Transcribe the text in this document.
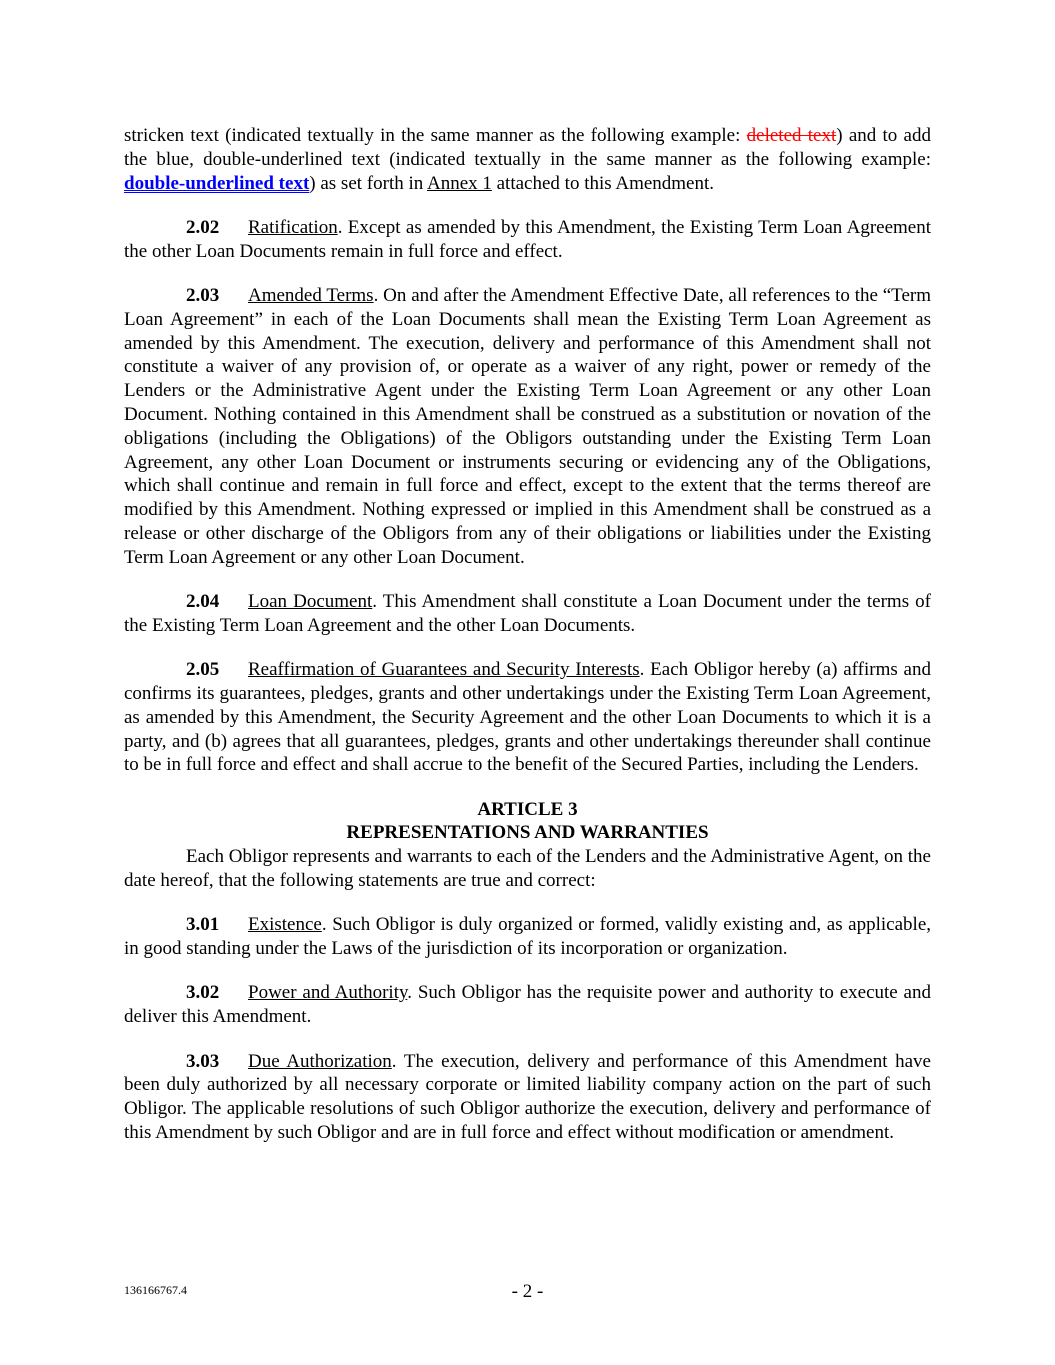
stricken text (indicated textually in the same manner as the following example: deleted text) and to add the blue, double-underlined text (indicated textually in the same manner as the following example: double-underlined text) as set forth in Annex 1 attached to this Amendment.

2.02 Ratification. Except as amended by this Amendment, the Existing Term Loan Agreement the other Loan Documents remain in full force and effect.

2.03 Amended Terms. On and after the Amendment Effective Date, all references to the “Term Loan Agreement” in each of the Loan Documents shall mean the Existing Term Loan Agreement as amended by this Amendment. The execution, delivery and performance of this Amendment shall not constitute a waiver of any provision of, or operate as a waiver of any right, power or remedy of the Lenders or the Administrative Agent under the Existing Term Loan Agreement or any other Loan Document. Nothing contained in this Amendment shall be construed as a substitution or novation of the obligations (including the Obligations) of the Obligors outstanding under the Existing Term Loan Agreement, any other Loan Document or instruments securing or evidencing any of the Obligations, which shall continue and remain in full force and effect, except to the extent that the terms thereof are modified by this Amendment. Nothing expressed or implied in this Amendment shall be construed as a release or other discharge of the Obligors from any of their obligations or liabilities under the Existing Term Loan Agreement or any other Loan Document.

2.04 Loan Document. This Amendment shall constitute a Loan Document under the terms of the Existing Term Loan Agreement and the other Loan Documents.

2.05 Reaffirmation of Guarantees and Security Interests. Each Obligor hereby (a) affirms and confirms its guarantees, pledges, grants and other undertakings under the Existing Term Loan Agreement, as amended by this Amendment, the Security Agreement and the other Loan Documents to which it is a party, and (b) agrees that all guarantees, pledges, grants and other undertakings thereunder shall continue to be in full force and effect and shall accrue to the benefit of the Secured Parties, including the Lenders.

ARTICLE 3

REPRESENTATIONS AND WARRANTIES

Each Obligor represents and warrants to each of the Lenders and the Administrative Agent, on the date hereof, that the following statements are true and correct:

3.01 Existence. Such Obligor is duly organized or formed, validly existing and, as applicable, in good standing under the Laws of the jurisdiction of its incorporation or organization.

3.02 Power and Authority. Such Obligor has the requisite power and authority to execute and deliver this Amendment.

3.03 Due Authorization. The execution, delivery and performance of this Amendment have been duly authorized by all necessary corporate or limited liability company action on the part of such Obligor. The applicable resolutions of such Obligor authorize the execution, delivery and performance of this Amendment by such Obligor and are in full force and effect without modification or amendment.

136166767.4	- 2 -
